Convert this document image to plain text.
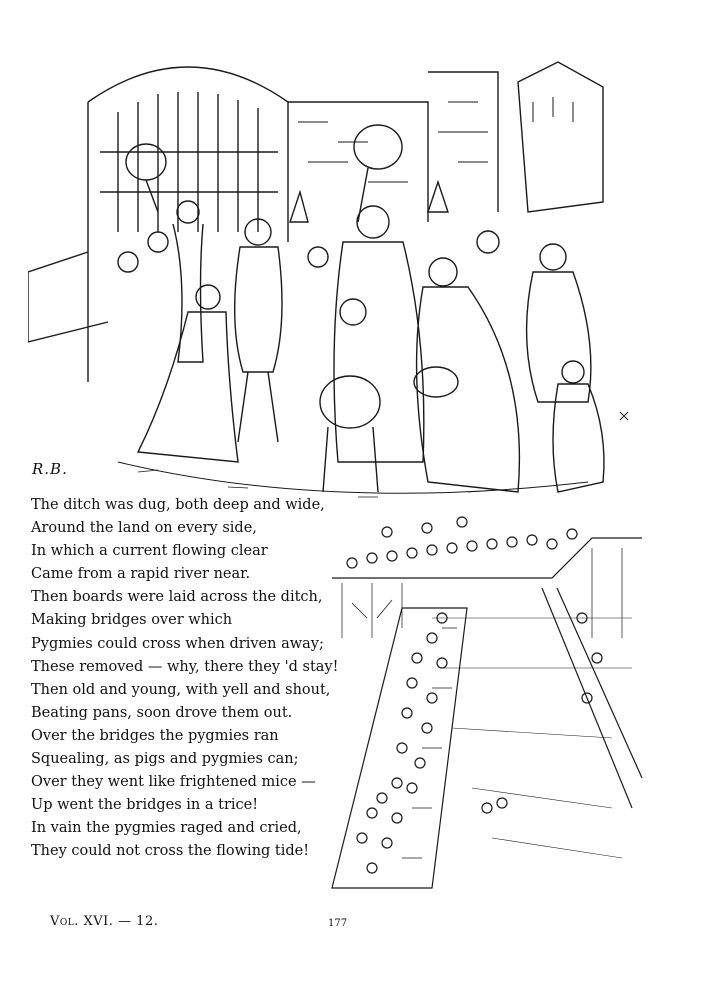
R.B.
The ditch was dug, both deep and wide,
Around the land on every side,
In which a current flowing clear
Came from a rapid river near.
Then boards were laid across the ditch,
Making bridges over which
Pygmies could cross when driven away;
These removed — why, there they 'd stay!
Then old and young, with yell and shout,
Beating pans, soon drove them out.
Over the bridges the pygmies ran
Squealing, as pigs and pygmies can;
Over they went like frightened mice —
Up went the bridges in a trice!
In vain the pygmies raged and cried,
They could not cross the flowing tide!
Vol. XVI. — 12.	177
